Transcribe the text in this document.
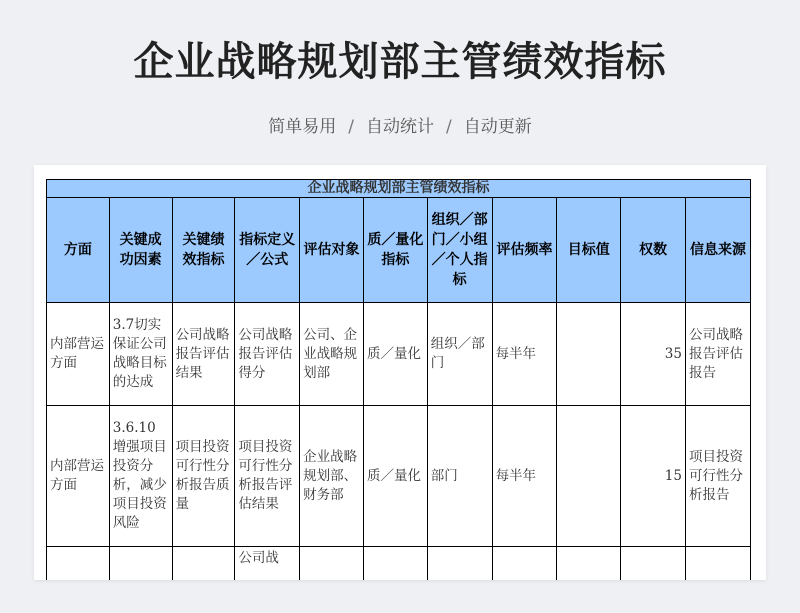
企业战略规划部主管绩效指标
简单易用 / 自动统计 / 自动更新
企业战略规划部主管绩效指标										
方面	关键成功因素	关键绩效指标	指标定义／公式	评估对象	质／量化指标	组织／部门／小组／个人指标	评估频率	目标值	权数	信息来源
内部营运方面	3.7切实保证公司战略目标的达成	公司战略报告评估结果	公司战略报告评估得分	公司、企业战略规划部	质／量化	组织／部门	每半年		35	公司战略报告评估报告
内部营运方面	3.6.10增强项目投资分析，减少项目投资风险	项目投资可行性分析报告质量	项目投资可行性分析报告评估结果	企业战略规划部、财务部	质／量化	部门	每半年		15	项目投资可行性分析报告
			公司战							
